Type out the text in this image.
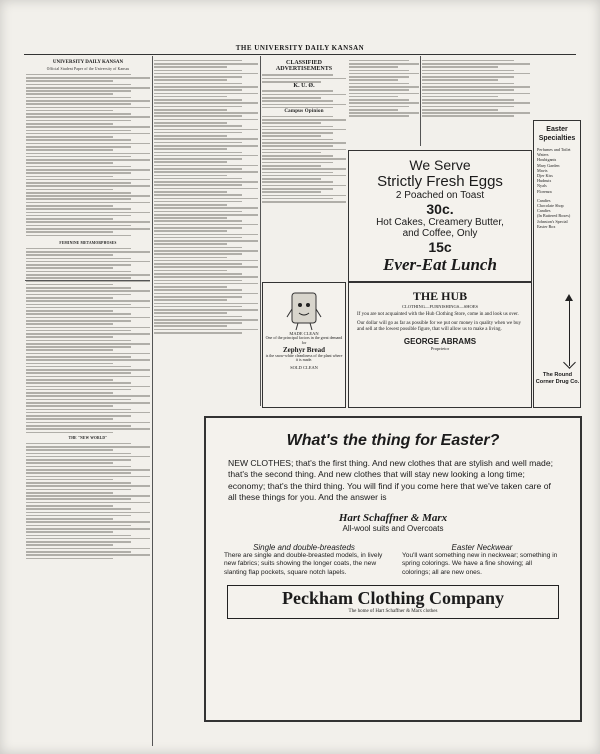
THE UNIVERSITY DAILY KANSAN
UNIVERSITY DAILY KANSAN
Official Student Paper of the University of Kansas
FEMININE METAMORPHOSES
THE "NEW WORLD"
CLASSIFIED ADVERTISEMENTS
K. U. Ø.
Campus Opinion
We Serve
Strictly Fresh Eggs
2 Poached on Toast
30c.
Hot Cakes, Creamery Butter,
and Coffee, Only
15c
Ever-Eat Lunch
Easter Specialties
Perfumes and Toilet Waters
Houbigants
Mary Garden
Mavis
Djer Kiss
Hudnuts
Nyals
Florenza
Candies
Chocolate Shop Candies
(In Buttered Boxes)
Johnston's Special Easter Box
The Round Corner Drug Co.
MADE CLEAN
One of the principal factors in the great demand for
Zephyr Bread
is the snow-white cleanliness of the plant where it is made.
SOLD CLEAN
THE HUB
CLOTHING—FURNISHINGS—SHOES
If you are not acquainted with the Hub Clothing Store, come in and look us over.
Our dollar will go as far as possible for we put our money in quality when we buy and sell at the lowest possible figure, that will allow us to make a living.
GEORGE ABRAMS
Proprietor
What's the thing for Easter?
NEW CLOTHES; that's the first thing. And new clothes that are stylish and well made; that's the second thing. And new clothes that will stay new looking a long time; economy; that's the third thing. You will find if you come here that we've taken care of all these things for you. And the answer is
Hart Schaffner & Marx
All-wool suits and Overcoats
Single and double-breasteds
There are single and double-breasted models, in lively new fabrics; suits showing the longer coats, the new slanting flap pockets, square notch lapels.
Easter Neckwear
You'll want something new in neckwear; something in spring colorings. We have a fine showing; all colorings; all are new ones.
Peckham Clothing Company
The home of Hart Schaffner & Marx clothes
